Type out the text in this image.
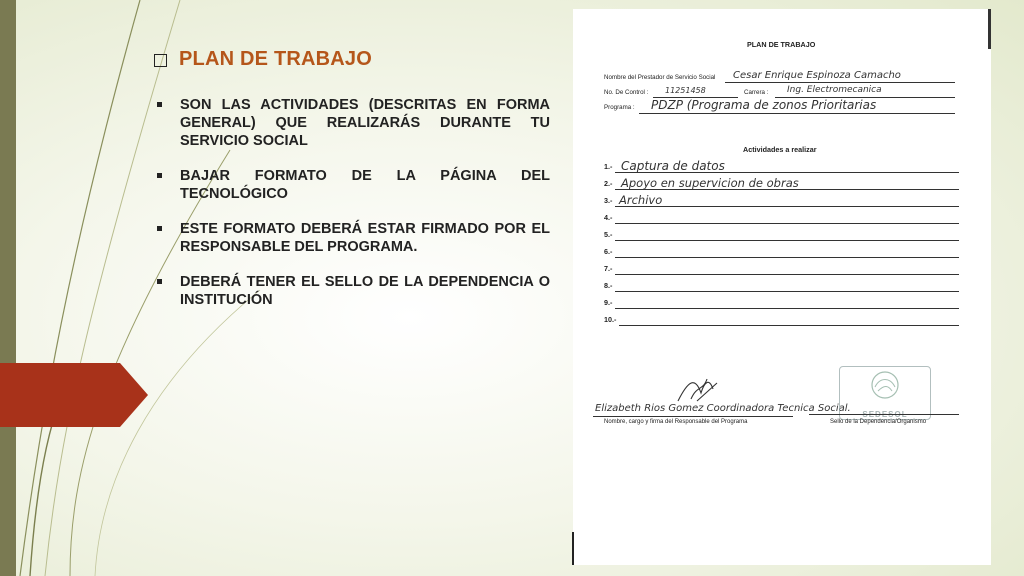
PLAN DE TRABAJO
SON LAS ACTIVIDADES (DESCRITAS EN FORMA GENERAL) QUE REALIZARÁS DURANTE TU SERVICIO SOCIAL
BAJAR FORMATO DE LA PÁGINA DEL TECNOLÓGICO
ESTE FORMATO DEBERÁ ESTAR FIRMADO POR EL RESPONSABLE DEL PROGRAMA.
DEBERÁ TENER EL SELLO DE LA DEPENDENCIA O INSTITUCIÓN
PLAN DE TRABAJO
Nombre del Prestador de Servicio Social Cesar Enrique Espinoza Camacho
No. De Control : 11251458	Carrera : Ing. Electromecanica
Programa : PDZP (Programa de zonos Prioritarias
Actividades a realizar
1.- Captura de datos
2.- Apoyo en supervicion de obras
3.- Archivo
4.-
5.-
6.-
7.-
8.-
9.-
10.-
Elizabeth Rios Gomez Coordinadora Tecnica Social.
Nombre, cargo y firma del Responsable del Programa	Sello de la Dependencia/Organismo
